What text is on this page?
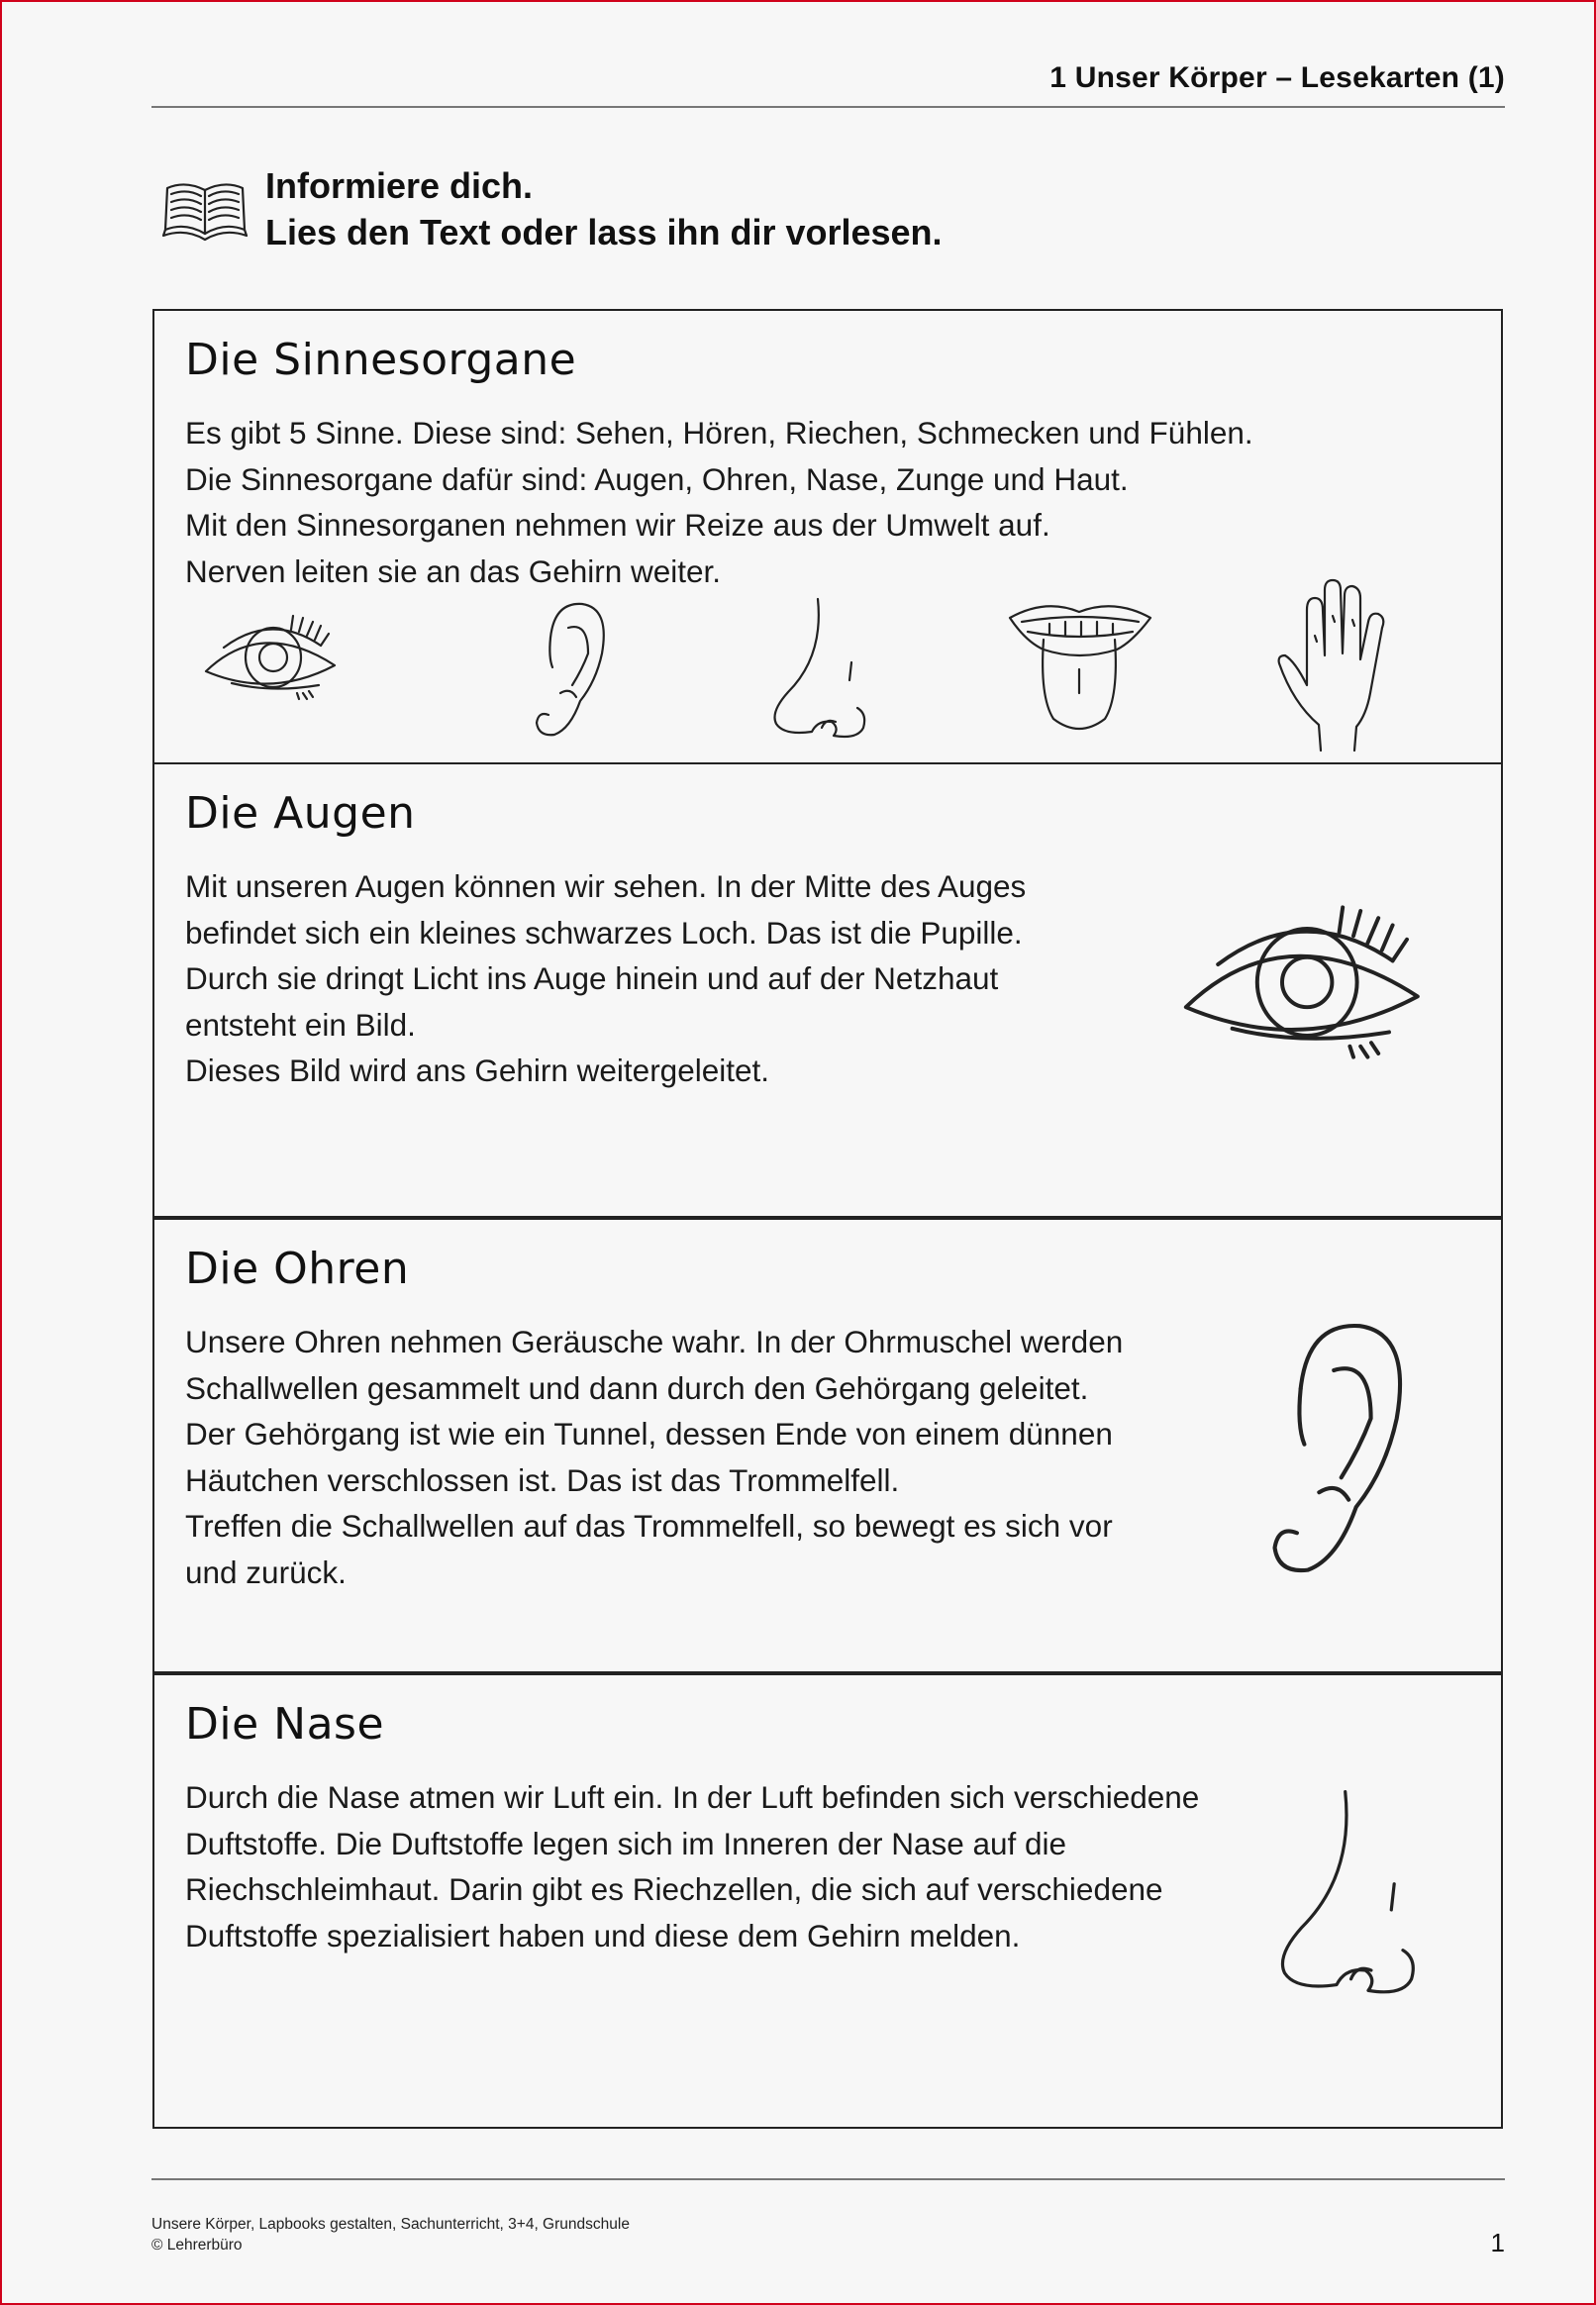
1 Unser Körper – Lesekarten (1)
Informiere dich.
Lies den Text oder lass ihn dir vorlesen.
Die Sinnesorgane
Es gibt 5 Sinne. Diese sind: Sehen, Hören, Riechen, Schmecken und Fühlen.
Die Sinnesorgane dafür sind: Augen, Ohren, Nase, Zunge und Haut.
Mit den Sinnesorganen nehmen wir Reize aus der Umwelt auf.
Nerven leiten sie an das Gehirn weiter.
Die Augen
Mit unseren Augen können wir sehen. In der Mitte des Auges
befindet sich ein kleines schwarzes Loch. Das ist die Pupille.
Durch sie dringt Licht ins Auge hinein und auf der Netzhaut
entsteht ein Bild.
Dieses Bild wird ans Gehirn weitergeleitet.
Die Ohren
Unsere Ohren nehmen Geräusche wahr. In der Ohrmuschel werden
Schallwellen gesammelt und dann durch den Gehörgang geleitet.
Der Gehörgang ist wie ein Tunnel, dessen Ende von einem dünnen
Häutchen verschlossen ist. Das ist das Trommelfell.
Treffen die Schallwellen auf das Trommelfell, so bewegt es sich vor
und zurück.
Die Nase
Durch die Nase atmen wir Luft ein. In der Luft befinden sich verschiedene
Duftstoffe. Die Duftstoffe legen sich im Inneren der Nase auf die
Riechschleimhaut. Darin gibt es Riechzellen, die sich auf verschiedene
Duftstoffe spezialisiert haben und diese dem Gehirn melden.
Unsere Körper, Lapbooks gestalten, Sachunterricht, 3+4, Grundschule
© Lehrerbüro	1
